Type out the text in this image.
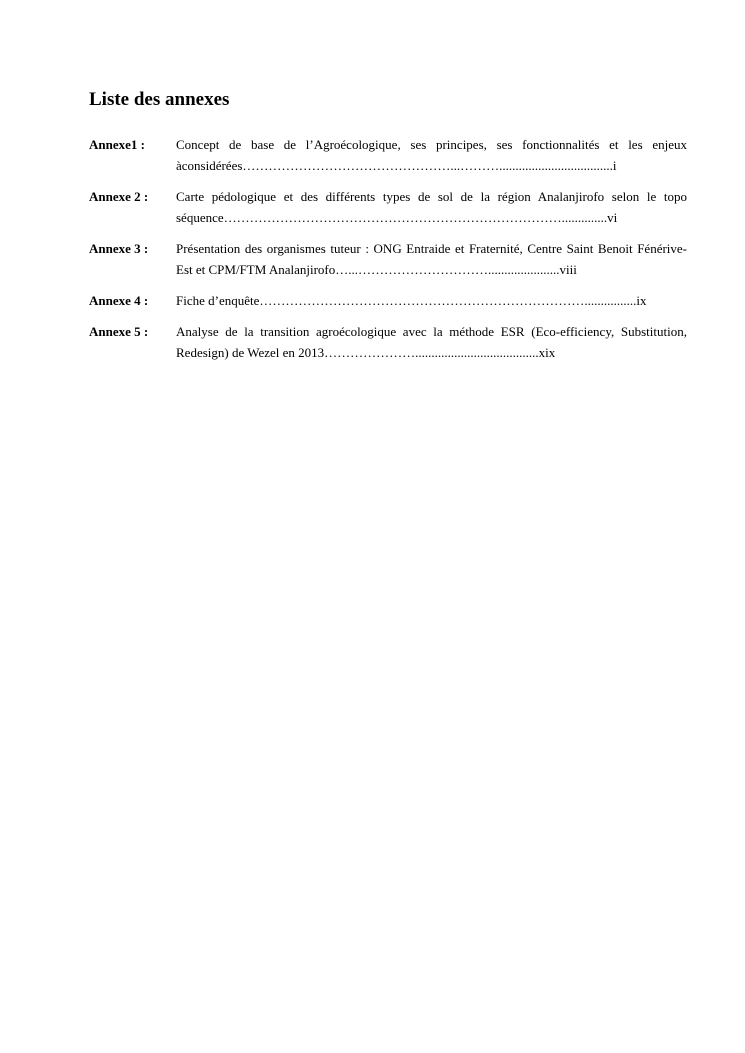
Liste des annexes
Annexe1 :	Concept de base de l’Agroécologique, ses principes, ses fonctionnalités et les enjeux àconsidérées…………………………………………...………...................................i
Annexe 2 :	Carte pédologique et des différents types de sol de la région Analanjirofo selon le topo séquence……………………………………………………………………..............vi
Annexe 3 :	Présentation des organismes tuteur : ONG Entraide et Fraternité, Centre Saint Benoit Fénérive-Est et CPM/FTM Analanjirofo…...…………………………......................viii
Annexe 4 :	Fiche d’enquête…………………………………………………………………................ix
Annexe 5 :	Analyse de la transition agroécologique avec la méthode ESR (Eco-efficiency, Substitution, Redesign) de Wezel en 2013…………………......................................xix
